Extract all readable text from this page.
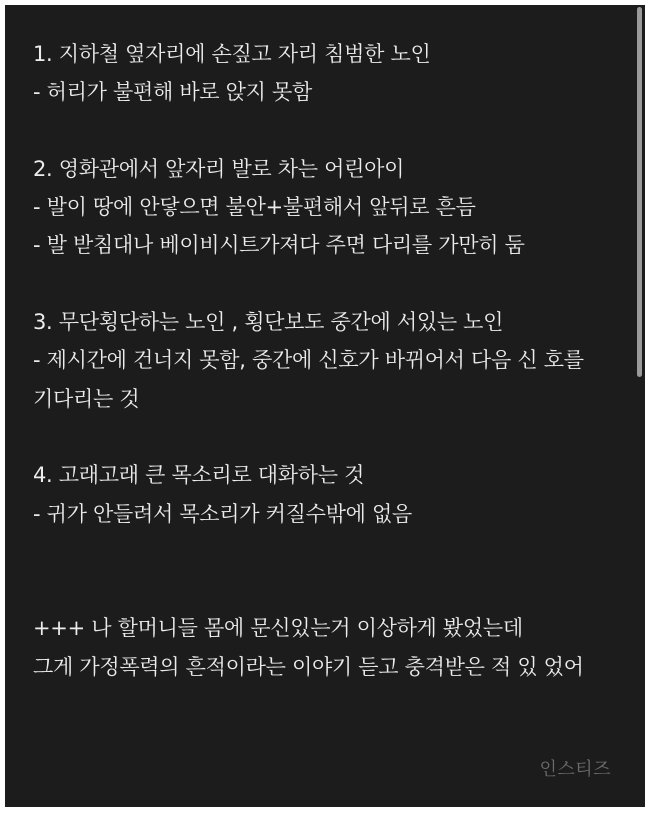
1. 지하철 옆자리에 손짚고 자리 침범한 노인
- 허리가 불편해 바로 앉지 못함
2. 영화관에서 앞자리 발로 차는 어린아이
- 발이 땅에 안닿으면 불안+불편해서 앞뒤로 흔듬
- 발 받침대나 베이비시트가져다 주면 다리를 가만히 둠
3. 무단횡단하는 노인 , 횡단보도 중간에 서있는 노인
- 제시간에 건너지 못함, 중간에 신호가 바뀌어서 다음 신 호를 기다리는 것
4. 고래고래 큰 목소리로 대화하는 것
- 귀가 안들려서 목소리가 커질수밖에 없음
+++ 나 할머니들 몸에 문신있는거 이상하게 봤었는데
그게 가정폭력의 흔적이라는 이야기 듣고 충격받은 적 있 었어
인스티즈
